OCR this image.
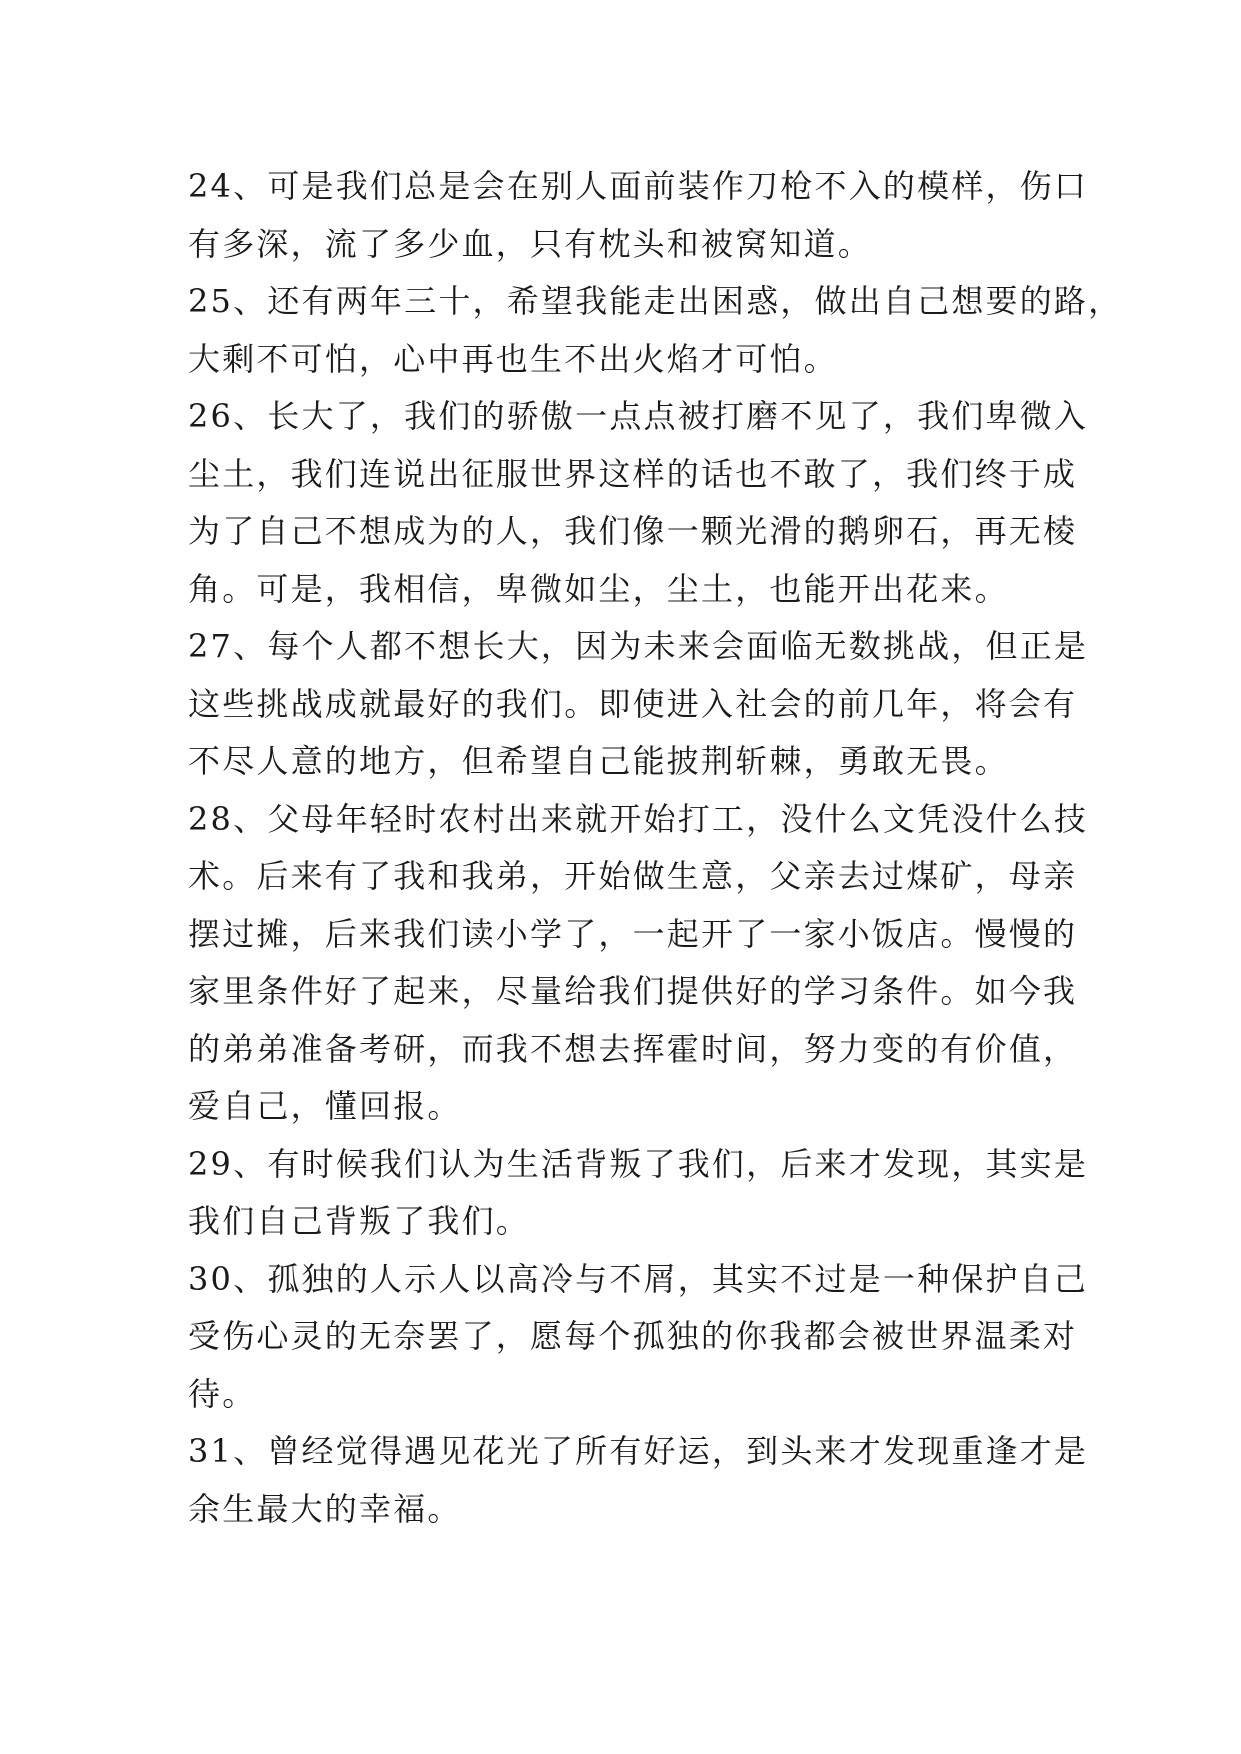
24、可是我们总是会在别人面前装作刀枪不入的模样，伤口
有多深，流了多少血，只有枕头和被窝知道。
25、还有两年三十，希望我能走出困惑，做出自己想要的路，
大剩不可怕，心中再也生不出火焰才可怕。
26、长大了，我们的骄傲一点点被打磨不见了，我们卑微入
尘土，我们连说出征服世界这样的话也不敢了，我们终于成
为了自己不想成为的人，我们像一颗光滑的鹅卵石，再无棱
角。可是，我相信，卑微如尘，尘土，也能开出花来。
27、每个人都不想长大，因为未来会面临无数挑战，但正是
这些挑战成就最好的我们。即使进入社会的前几年，将会有
不尽人意的地方，但希望自己能披荆斩棘，勇敢无畏。
28、父母年轻时农村出来就开始打工，没什么文凭没什么技
术。后来有了我和我弟，开始做生意，父亲去过煤矿，母亲
摆过摊，后来我们读小学了，一起开了一家小饭店。慢慢的
家里条件好了起来，尽量给我们提供好的学习条件。如今我
的弟弟准备考研，而我不想去挥霍时间，努力变的有价值，
爱自己，懂回报。
29、有时候我们认为生活背叛了我们，后来才发现，其实是
我们自己背叛了我们。
30、孤独的人示人以高冷与不屑，其实不过是一种保护自己
受伤心灵的无奈罢了，愿每个孤独的你我都会被世界温柔对
待。
31、曾经觉得遇见花光了所有好运，到头来才发现重逢才是
余生最大的幸福。
